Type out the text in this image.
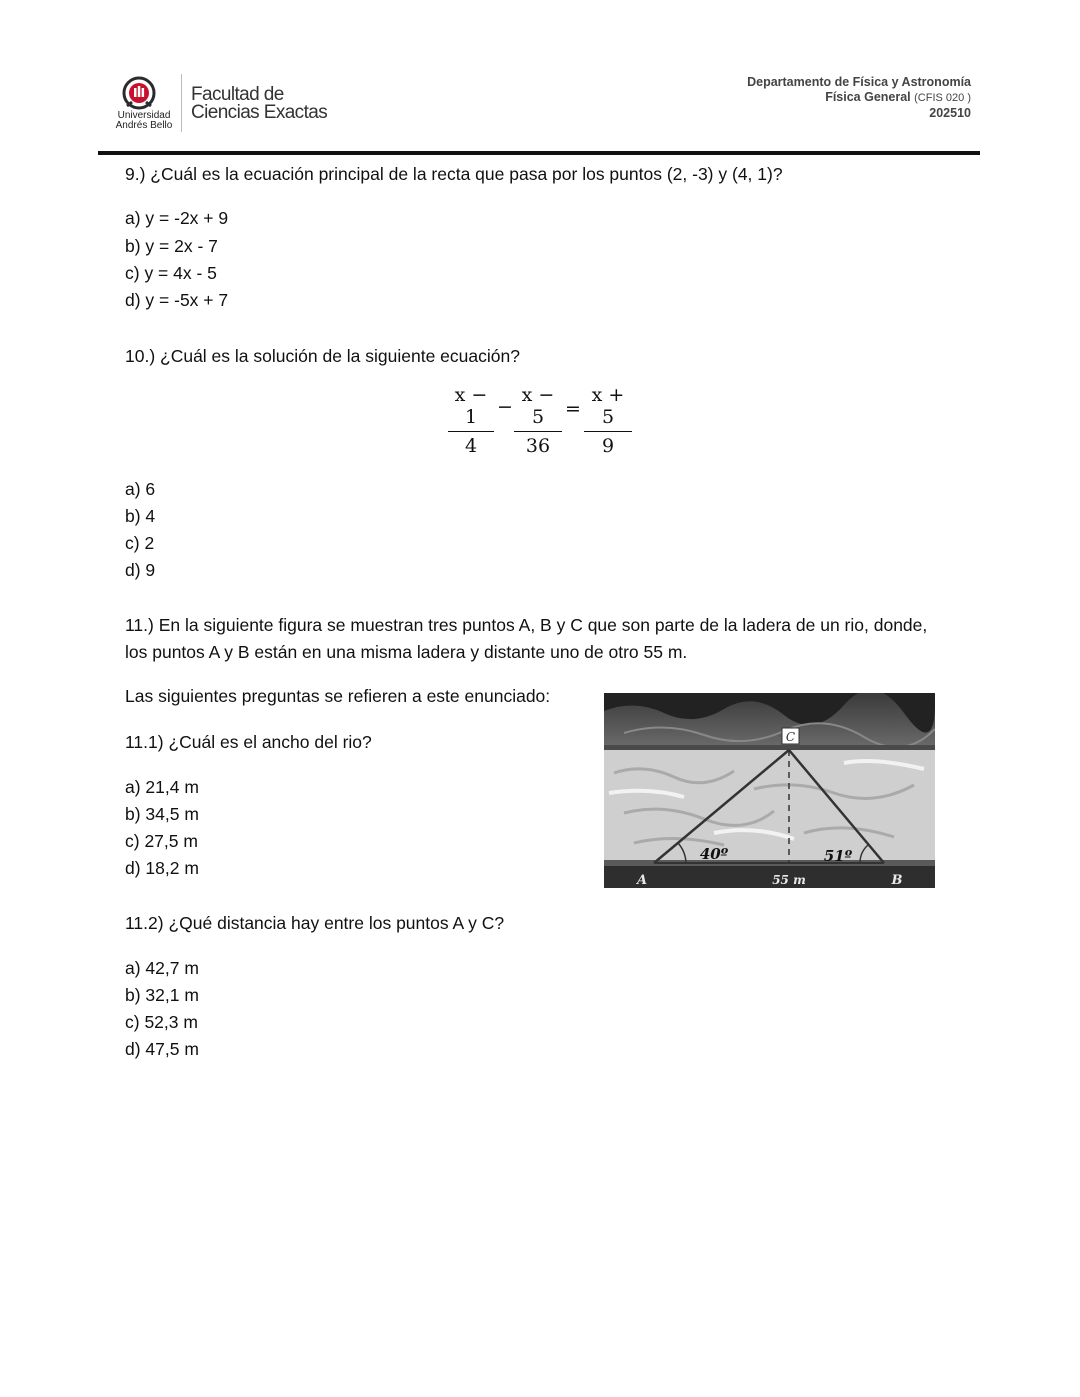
Universidad
Andrés Bello
Facultad de
Ciencias Exactas
Departamento de Física y Astronomía
Física General (CFIS 020 )
202510
9.) ¿Cuál es la ecuación principal de la recta que pasa por los puntos (2, -3) y (4, 1)?
a) y = -2x + 9
b) y = 2x - 7
c) y = 4x - 5
d) y = -5x + 7
10.) ¿Cuál es la solución de la siguiente ecuación?
x − 1
4
−
x − 5
36
=
x + 5
9
a) 6
b) 4
c) 2
d) 9
11.) En la siguiente figura se muestran tres puntos A, B y C que son parte de la ladera de un rio, donde,
los puntos A y B están en una misma ladera y distante uno de otro 55 m.
Las siguientes preguntas se refieren a este enunciado:
11.1) ¿Cuál es el ancho del rio?
a) 21,4 m
b) 34,5 m
c) 27,5 m
d) 18,2 m
11.2) ¿Qué distancia hay entre los puntos A y C?
a) 42,7 m
b) 32,1 m
c) 52,3 m
d) 47,5 m
C
40º	51º
A	55 m	B
